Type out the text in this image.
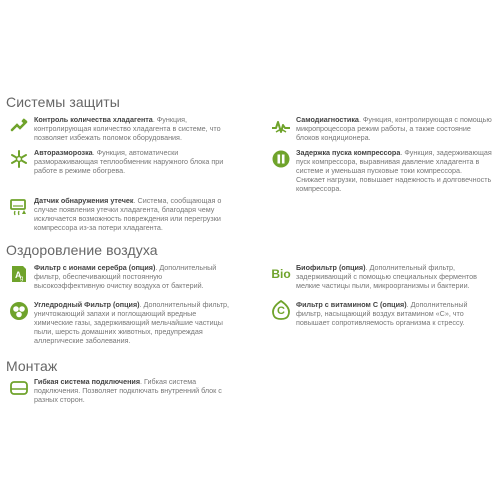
Системы защиты
Контроль количества хладагента. Функция, контролирующая количество хладагента в системе, что позволяет избежать поломок оборудования.
Самодиагностика. Функция, контролирующая с помощью микропроцессора режим работы, а также состояние блоков кондиционера.
Авторазморозка. Функция, автоматически размораживающая теплообменник наружного блока при работе в режиме обогрева.
Задержка пуска компрессора. Функция, задерживающая пуск компрессора, выравнивая давление хладагента в системе и уменьшая пусковые токи компрессора. Снижает нагрузки, повышает надежность и долговечность компрессора.
Датчик обнаружения утечек. Система, сообщающая о случае появления утечки хладагента, благодаря чему исключается возможность повреждения или перегрузки компрессора из-за потери хладагента.
Оздоровление воздуха
A
g
Фильтр с ионами серебра (опция). Дополнительный фильтр, обеспечивающий постоянную высокоэффективную очистку воздуха от бактерий.
Bio Биофильтр (опция). Дополнительный фильтр, задерживающий с помощью специальных ферментов мелкие частицы пыли, микроорганизмы и бактерии.
Угледродный Фильтр (опция). Дополнительный фильтр, уничтожающий запахи и поглощающий вредные химические газы, задерживающий мельчайшие частицы пыли, шерсть домашних животных, предупреждая аллергические заболевания.
C
Фильтр с витамином С (опция). Дополнительный фильтр, насыщающий воздух витамином «С», что повышает сопротивляемость организма к стрессу.
Монтаж
Гибкая система подключения. Гибкая система подключения. Позволяет подключать внутренний блок с разных сторон.
